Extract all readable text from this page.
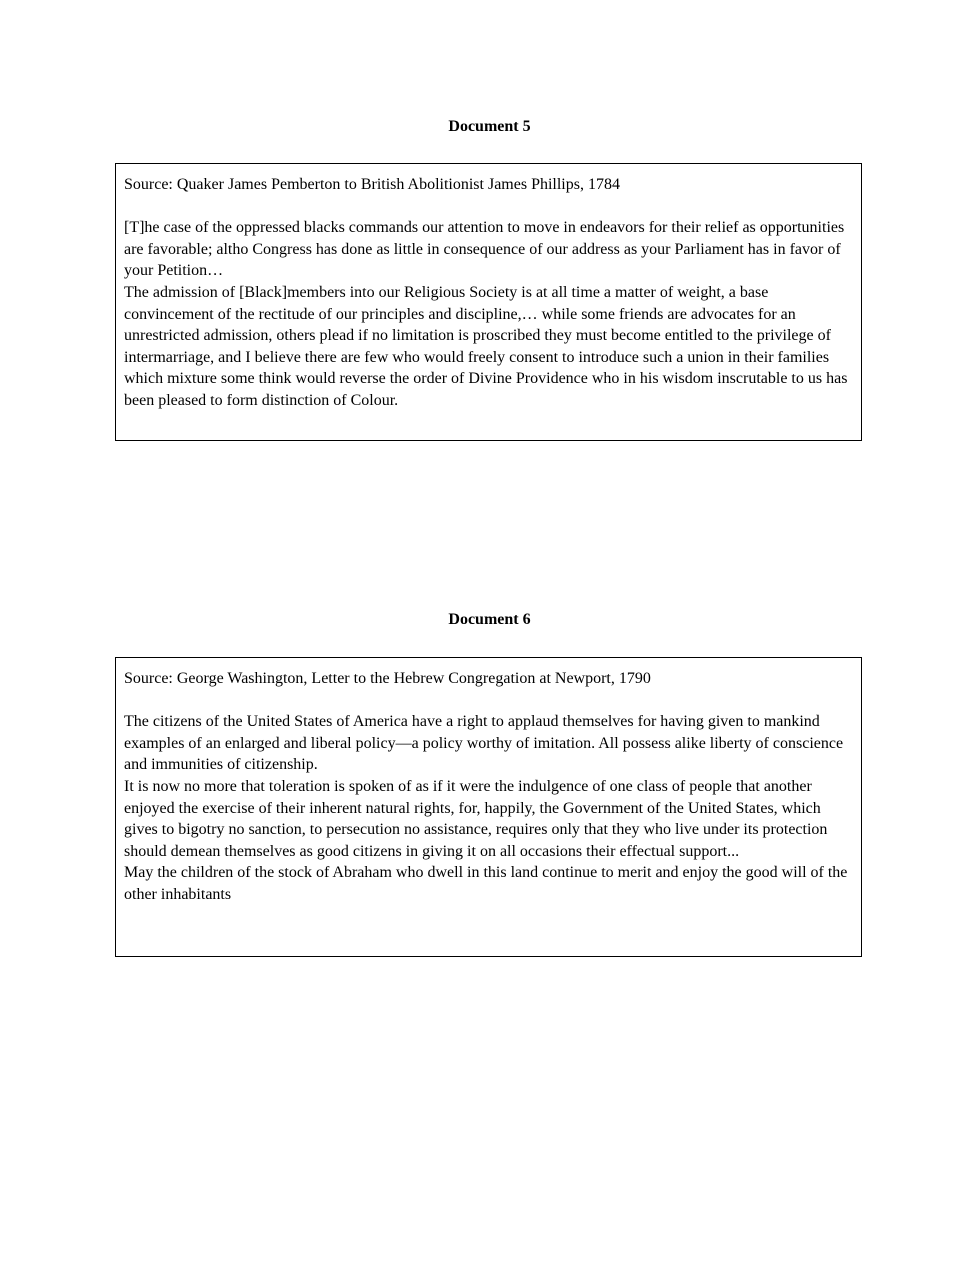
Document 5

Source: Quaker James Pemberton to British Abolitionist James Phillips, 1784

[T]he case of the oppressed blacks commands our attention to move in endeavors for their relief as opportunities are favorable; altho Congress has done as little in consequence of our address as your Parliament has in favor of your Petition…

The admission of [Black]members into our Religious Society is at all time a matter of weight, a base convincement of the rectitude of our principles and discipline,… while some friends are advocates for an unrestricted admission, others plead if no limitation is proscribed they must become entitled to the privilege of intermarriage, and I believe there are few who would freely consent to introduce such a union in their families which mixture some think would reverse the order of Divine Providence who in his wisdom inscrutable to us has been pleased to form distinction of Colour.

Document 6

Source: George Washington, Letter to the Hebrew Congregation at Newport, 1790

The citizens of the United States of America have a right to applaud themselves for having given to mankind examples of an enlarged and liberal policy—a policy worthy of imitation. All possess alike liberty of conscience and immunities of citizenship.

It is now no more that toleration is spoken of as if it were the indulgence of one class of people that another enjoyed the exercise of their inherent natural rights, for, happily, the Government of the United States, which gives to bigotry no sanction, to persecution no assistance, requires only that they who live under its protection should demean themselves as good citizens in giving it on all occasions their effectual support...

May the children of the stock of Abraham who dwell in this land continue to merit and enjoy the good will of the other inhabitants
